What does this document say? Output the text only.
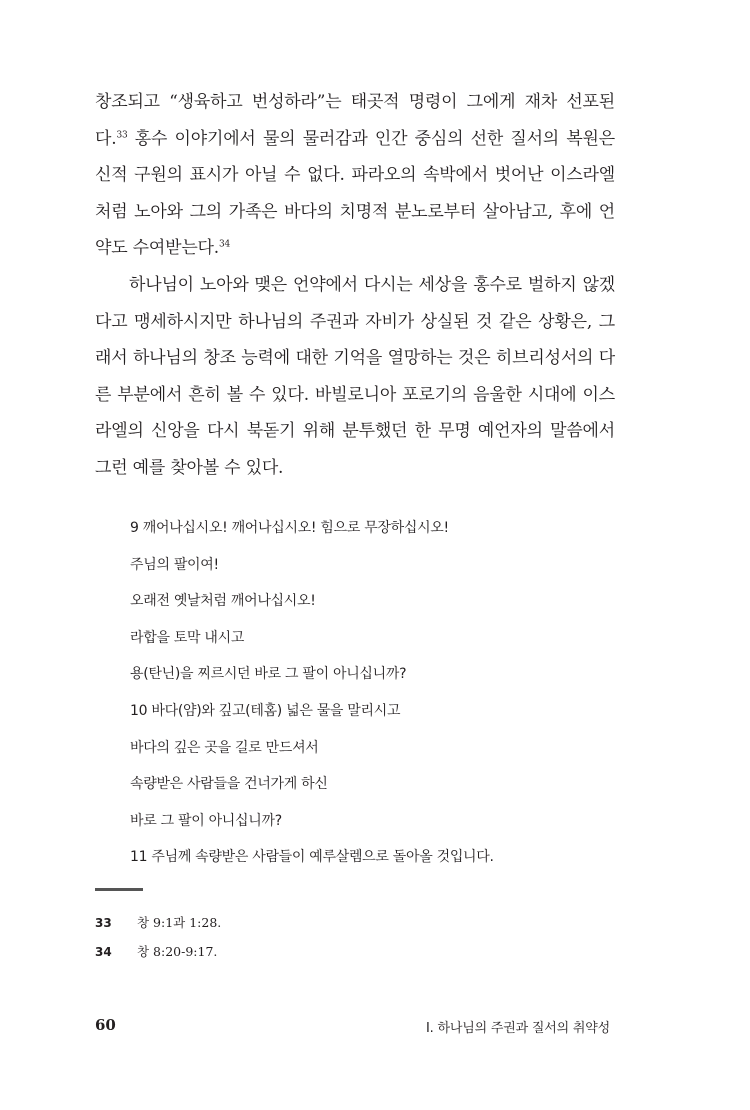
창조되고 “생육하고 번성하라”는 태곳적 명령이 그에게 재차 선포된다.$^{33}$ 홍수 이야기에서 물의 물러감과 인간 중심의 선한 질서의 복원은 신적 구원의 표시가 아닐 수 없다. 파라오의 속박에서 벗어난 이스라엘처럼 노아와 그의 가족은 바다의 치명적 분노로부터 살아남고, 후에 언약도 수여받는다.$^{34}$

하나님이 노아와 맺은 언약에서 다시는 세상을 홍수로 벌하지 않겠다고 맹세하시지만 하나님의 주권과 자비가 상실된 것 같은 상황은, 그래서 하나님의 창조 능력에 대한 기억을 열망하는 것은 히브리성서의 다른 부분에서 흔히 볼 수 있다. 바빌로니아 포로기의 음울한 시대에 이스라엘의 신앙을 다시 북돋기 위해 분투했던 한 무명 예언자의 말씀에서 그런 예를 찾아볼 수 있다.

9 깨어나십시오! 깨어나십시오! 힘으로 무장하십시오!
주님의 팔이여!
오래전 옛날처럼 깨어나십시오!
라합을 토막 내시고
용(탄닌)을 찌르시던 바로 그 팔이 아니십니까?
10 바다(얌)와 깊고(테홈) 넓은 물을 말리시고
바다의 깊은 곳을 길로 만드셔서
속량받은 사람들을 건너가게 하신
바로 그 팔이 아니십니까?
11 주님께 속량받은 사람들이 예루살렘으로 돌아올 것입니다.
33 창 9:1과 1:28.
34 창 8:20-9:17.
60	I. 하나님의 주권과 질서의 취약성
